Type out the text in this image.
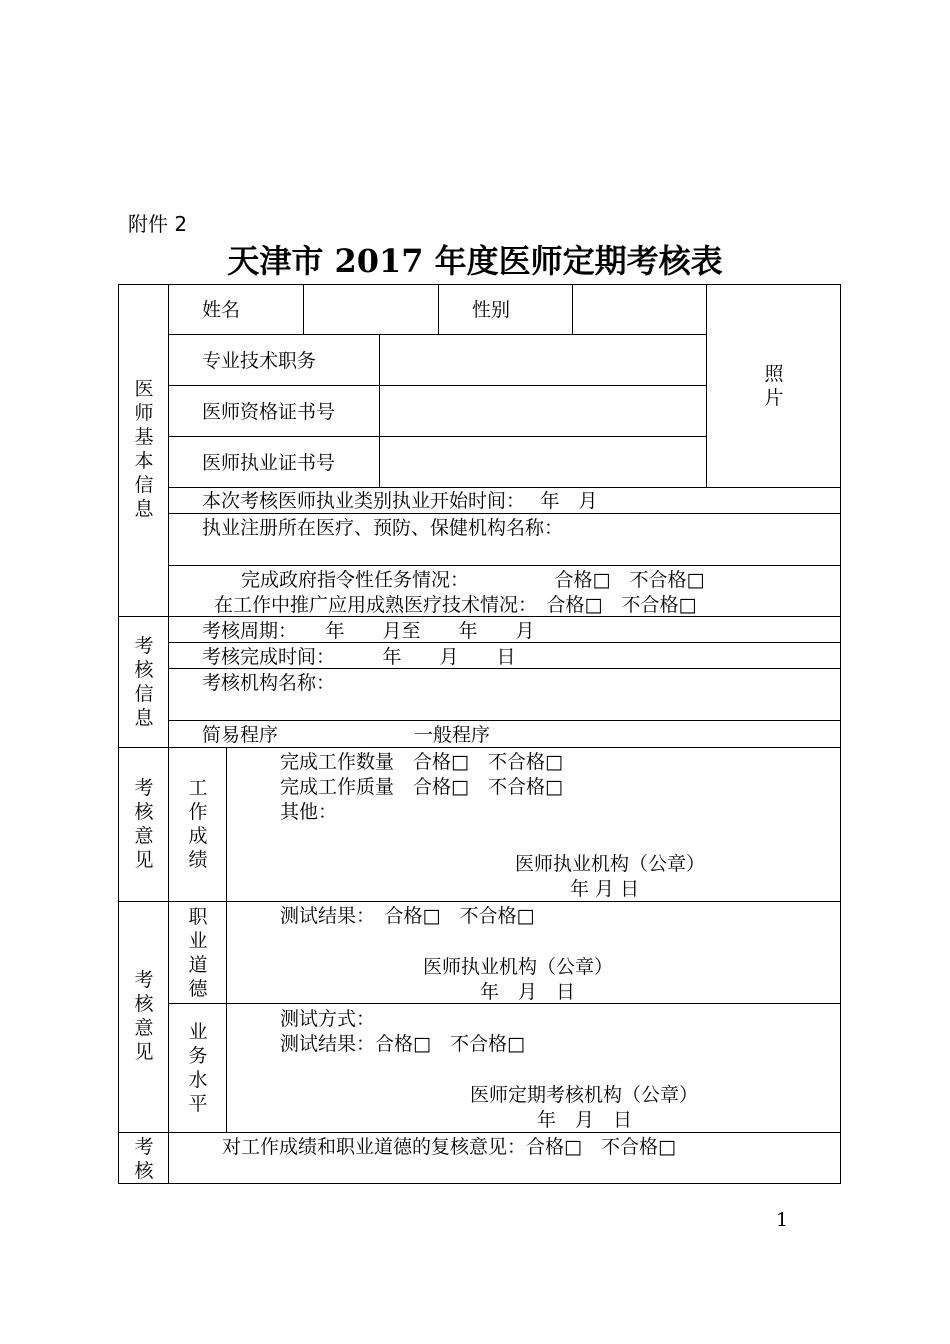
附件 2
天津市 2017 年度医师定期考核表
医师基本信息
姓名	性别
专业技术职务
医师资格证书号
医师执业证书号
照片
本次考核医师执业类别执业开始时间：　 年　月
执业注册所在医疗、预防、保健机构名称：
完成政府指令性任务情况：　　　　　合格□　不合格□
在工作中推广应用成熟医疗技术情况：　合格□　不合格□
考核信息
考核周期：　　年　　月至　　年　　月
考核完成时间：　　　年　　月　　日
考核机构名称：
简易程序	一般程序
考核意见
工作成绩
完成工作数量　合格□　不合格□
完成工作质量　合格□　不合格□
其他：
医师执业机构（公章）
年 月 日
考核意见
职业道德
测试结果：　合格□　不合格□
医师执业机构（公章）
年　月　日
业务水平
测试方式：
测试结果：合格□　不合格□
医师定期考核机构（公章）
年　月　日
考核
对工作成绩和职业道德的复核意见：合格□　不合格□
1
